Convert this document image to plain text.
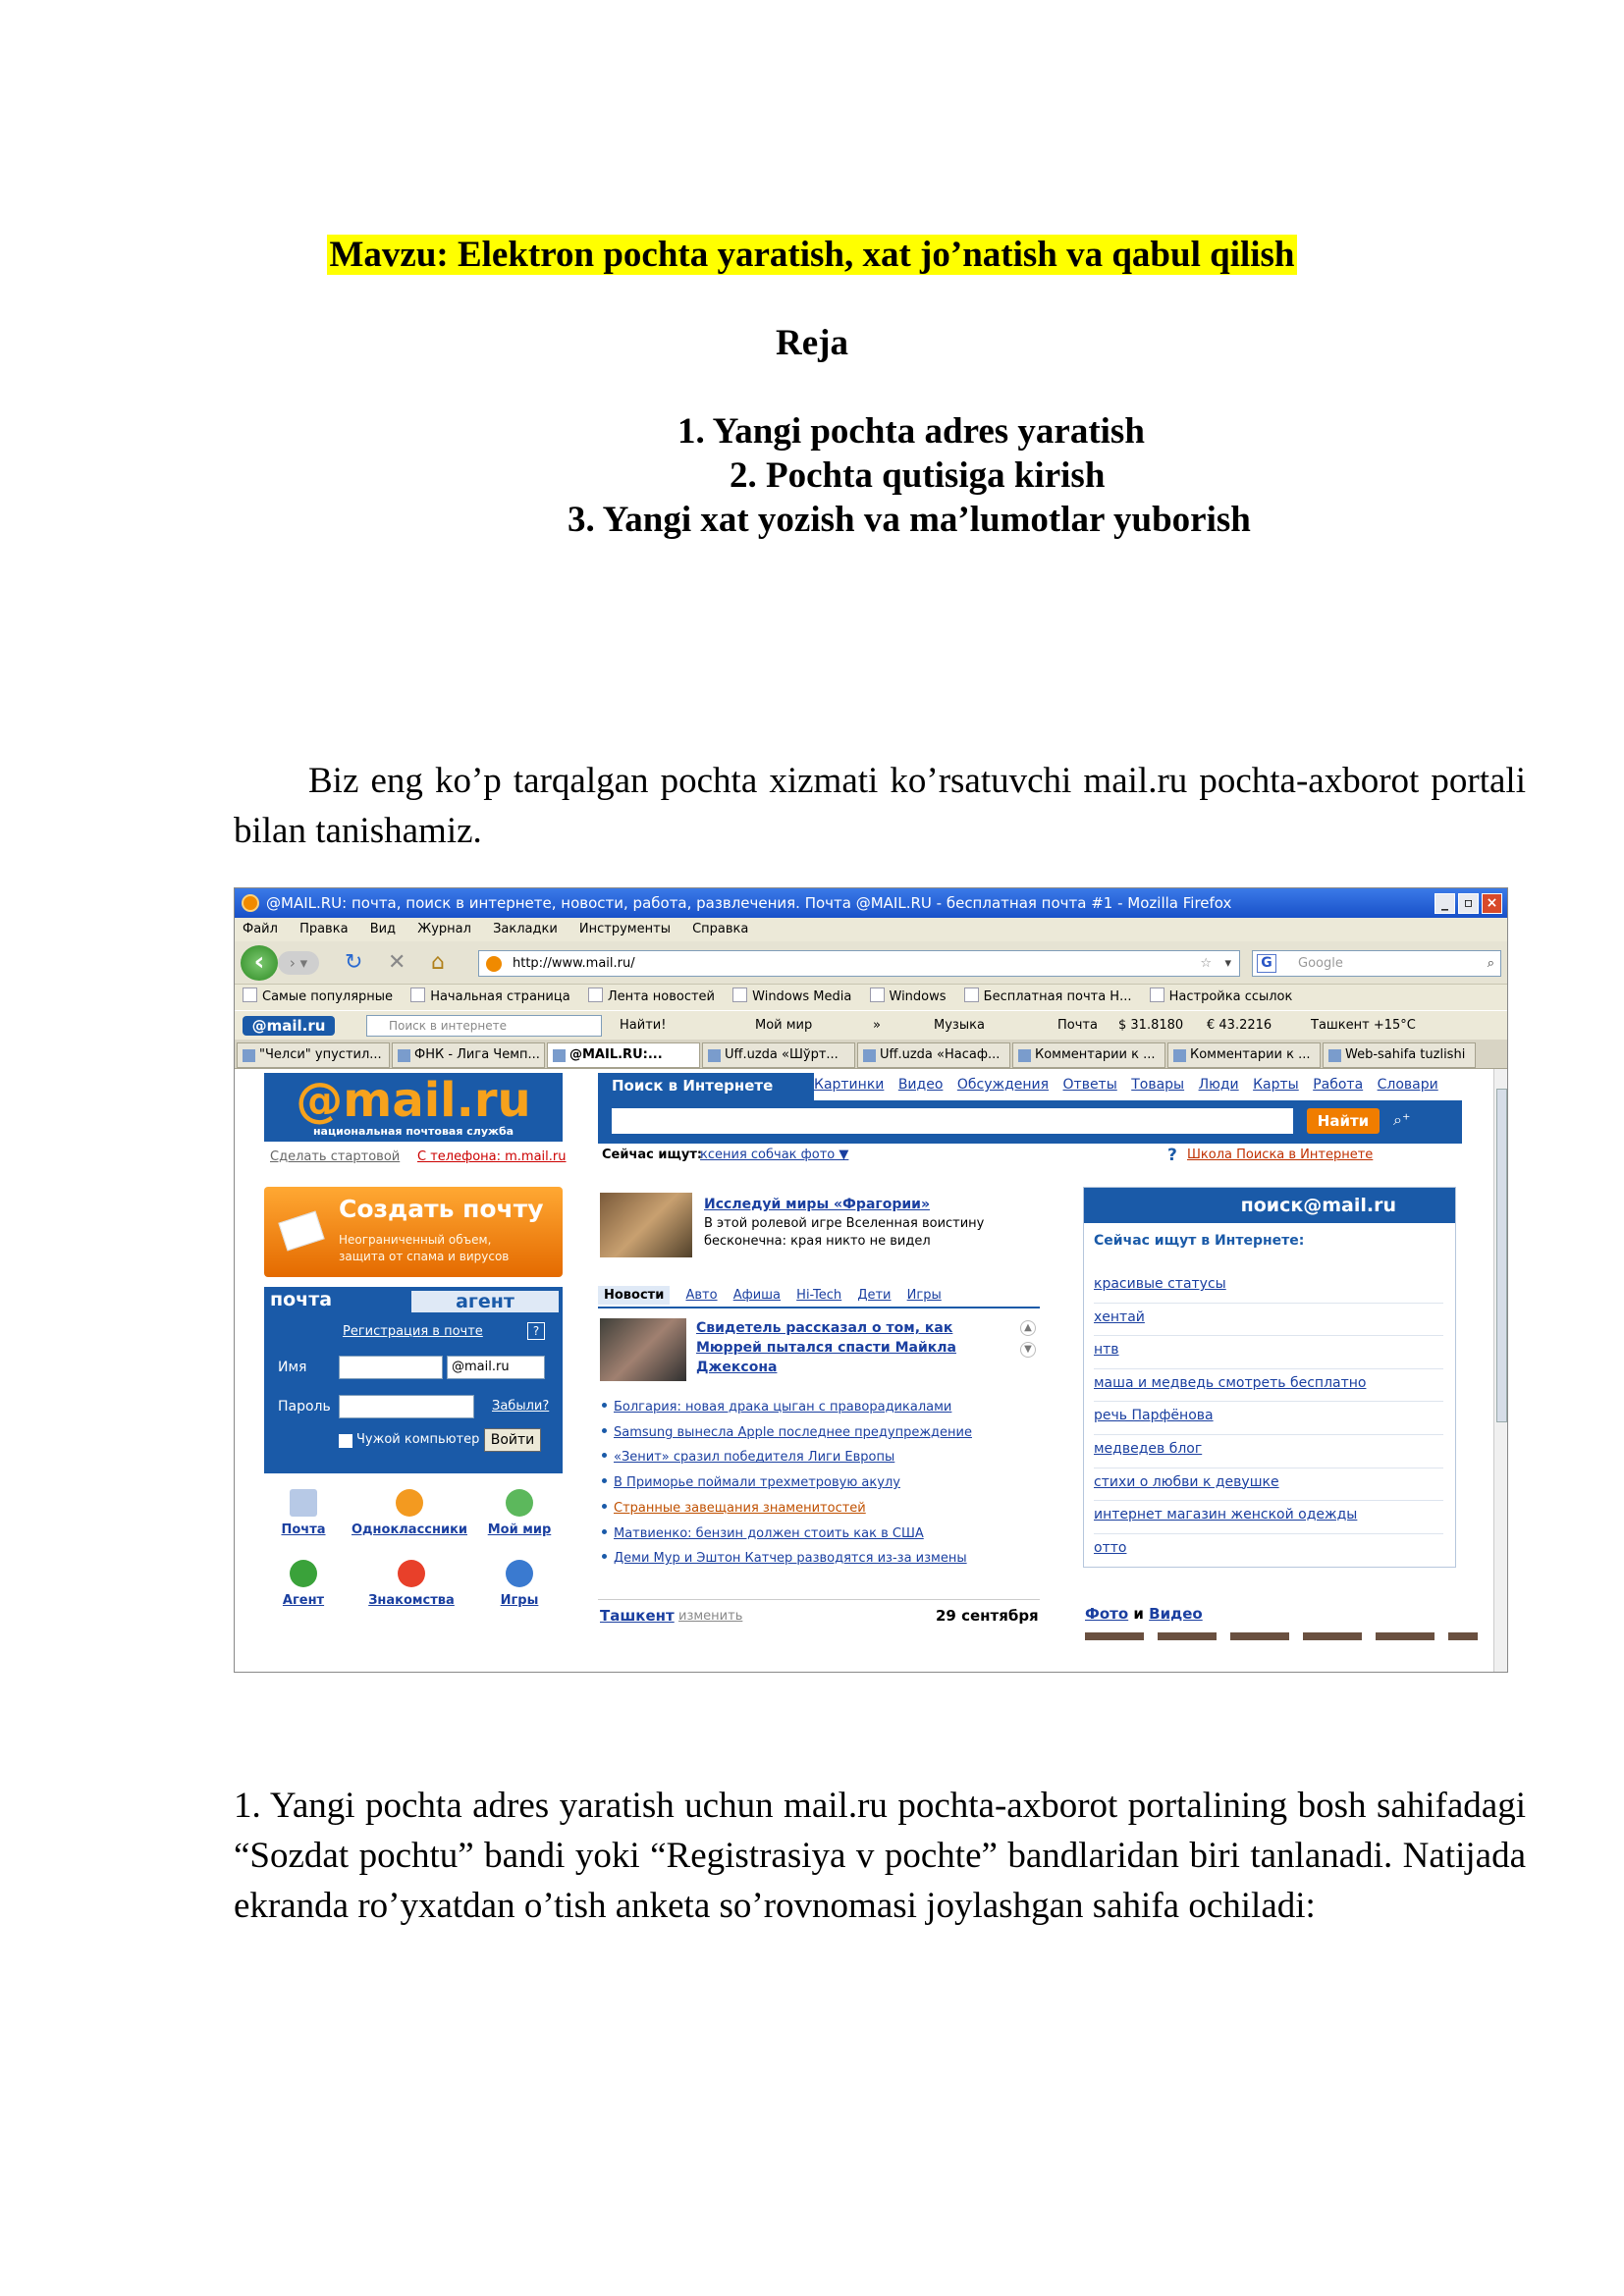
Mavzu: Elektron pochta yaratish, xat jo’natish va qabul qilish
Reja
1. Yangi pochta adres yaratish
2. Pochta qutisiga kirish
3. Yangi xat yozish va ma’lumotlar yuborish
Biz eng ko’p tarqalgan pochta xizmati ko’rsatuvchi mail.ru pochta-axborot portali bilan tanishamiz.
@MAIL.RU: почта, поиск в интернете, новости, работа, развлечения. Почта @MAIL.RU - бесплатная почта #1 - Mozilla Firefox	_	▫ ×
Файл Правка Вид Журнал Закладки Инструменты Справка
‹	› ▾	↻ ✕ ⌂	http://www.mail.ru/	☆ ▾	G	Google	⌕
Самые популярные	Начальная страница	Лента новостей	Windows Media	Windows	Бесплатная почта Н...	Настройка ссылок
@mail.ru	Поиск в интернете	Найти!	Мой мир	»	Музыка	Почта $ 31.8180 € 43.2216	Ташкент +15°C
"Челси" упустил...	ФНК - Лига Чемп...	@MAIL.RU:...	Uff.uzda «Шўрт...	Uff.uzda «Насаф...	Комментарии к ...	Комментарии к ...	Web-sahifa tuzlishi
@mail.ru
национальная почтовая служба
Сделать стартовой С телефона: m.mail.ru
Создать почту
Неограниченный объем,
защита от спама и вирусов
почта	агент
Регистрация в почте	?
Имя	@mail.ru
Пароль	Забыли?
Чужой компьютер Войти
Почта	Одноклассники	Мой мир
Агент	Знакомства	Игры
Поиск в Интернете	Картинки Видео Обсуждения Ответы Товары Люди Карты Работа Словари
Найти	⌕⁺
Сейчас ищут:
ксения собчак фото ▼	? Школа Поиска в Интернете
Исследуй миры «Фрагории»
В этой ролевой игре Вселенная воистину
бесконечна: края никто не видел
Новости Авто Афиша Hi-Tech Дети Игры
Свидетель рассказал о том, как
Мюррей пытался спасти Майкла
Джексона
▲
▼
Болгария: новая драка цыган с праворадикалами
Samsung вынесла Apple последнее предупреждение
«Зенит» сразил победителя Лиги Европы
В Приморье поймали трехметровую акулу
Странные завещания знаменитостей
Матвиенко: бензин должен стоить как в США
Деми Мур и Эштон Катчер разводятся из-за измены
Ташкент изменить	29 сентября
поиск@mail.ru
Сейчас ищут в Интернете:
красивые статусы
хентай
нтв
маша и медведь смотреть бесплатно
речь Парфёнова
медведев блог
стихи о любви к девушке
интернет магазин женской одежды
отто
Фото и Видео
1. Yangi pochta adres yaratish uchun mail.ru pochta-axborot portalining bosh sahifadagi “Sozdat pochtu” bandi yoki “Registrasiya v pochte” bandlaridan biri tanlanadi. Natijada ekranda ro’yxatdan o’tish anketa so’rovnomasi joylashgan sahifa ochiladi:
